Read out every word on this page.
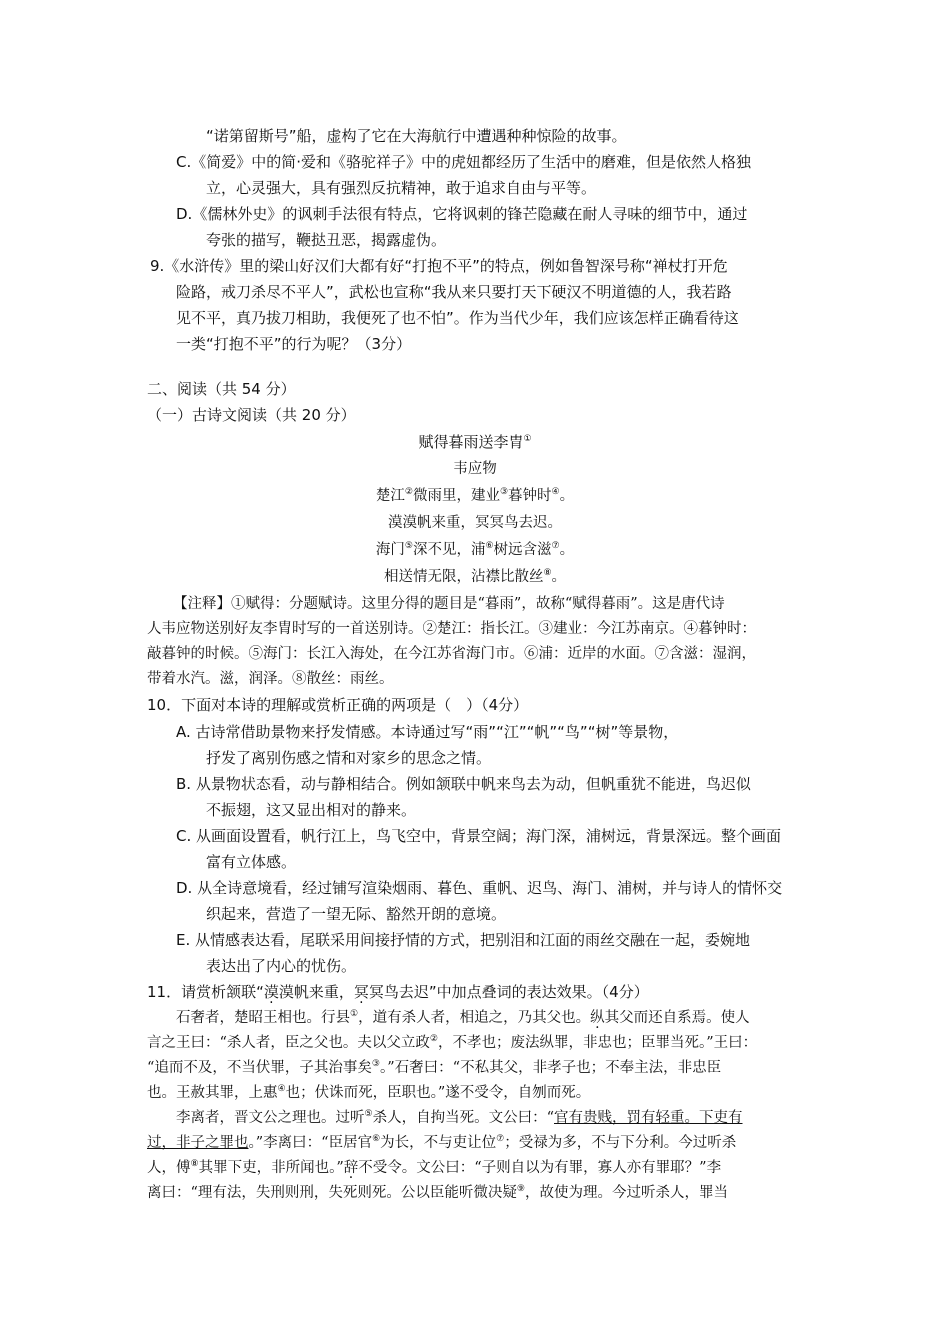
“诺第留斯号”船，虚构了它在大海航行中遭遇种种惊险的故事。
C.《简爱》中的简·爱和《骆驼祥子》中的虎妞都经历了生活中的磨难，但是依然人格独
立，心灵强大，具有强烈反抗精神，敢于追求自由与平等。
D.《儒林外史》的讽刺手法很有特点，它将讽刺的锋芒隐藏在耐人寻味的细节中，通过
夸张的描写，鞭挞丑恶，揭露虚伪。
9.《水浒传》里的梁山好汉们大都有好“打抱不平”的特点，例如鲁智深号称“禅杖打开危
险路，戒刀杀尽不平人”，武松也宣称“我从来只要打天下硬汉不明道德的人，我若路
见不平，真乃拔刀相助，我便死了也不怕”。作为当代少年，我们应该怎样正确看待这
一类“打抱不平”的行为呢？（3分）
二、阅读（共 54 分）
（一）古诗文阅读（共 20 分）
赋得暮雨送李胄①
韦应物
楚江②微雨里，建业③暮钟时④。
漠漠帆来重，冥冥鸟去迟。
海门⑤深不见，浦⑥树远含滋⑦。
相送情无限，沾襟比散丝⑧。
【注释】①赋得：分题赋诗。这里分得的题目是“暮雨”，故称“赋得暮雨”。这是唐代诗
人韦应物送别好友李胄时写的一首送别诗。②楚江：指长江。③建业：今江苏南京。④暮钟时：
敲暮钟的时候。⑤海门：长江入海处，在今江苏省海门市。⑥浦：近岸的水面。⑦含滋：湿润，
带着水汽。滋，润泽。⑧散丝：雨丝。
10．下面对本诗的理解或赏析正确的两项是（　）（4分）
A. 古诗常借助景物来抒发情感。本诗通过写“雨”“江”“帆”“鸟”“树”等景物，
抒发了离别伤感之情和对家乡的思念之情。
B. 从景物状态看，动与静相结合。例如颔联中帆来鸟去为动，但帆重犹不能进，鸟迟似
不振翅，这又显出相对的静来。
C. 从画面设置看，帆行江上，鸟飞空中，背景空阔；海门深，浦树远，背景深远。整个画面
富有立体感。
D. 从全诗意境看，经过铺写渲染烟雨、暮色、重帆、迟鸟、海门、浦树，并与诗人的情怀交
织起来，营造了一望无际、豁然开朗的意境。
E. 从情感表达看，尾联采用间接抒情的方式，把别泪和江面的雨丝交融在一起，委婉地
表达出了内心的忧伤。
11．请赏析颔联“漠漠帆来重，冥冥鸟去迟”中加点叠词的表达效果。（4分）
石奢者，楚昭王相也。行县①，道有杀人者，相追之，乃其父也。纵其父而还自系焉。使人
言之王曰：“杀人者，臣之父也。夫以父立政②，不孝也；废法纵罪，非忠也；臣罪当死。”王曰：
“追而不及，不当伏罪，子其治事矣③。”石奢曰：“不私其父，非孝子也；不奉主法，非忠臣
也。王赦其罪，上惠④也；伏诛而死，臣职也。”遂不受令，自刎而死。
李离者，晋文公之理也。过听⑤杀人，自拘当死。文公曰：“官有贵贱，罚有轻重。下吏有
过，非子之罪也。”李离曰：“臣居官⑥为长，不与吏让位⑦；受禄为多，不与下分利。今过听杀
人，傅⑧其罪下吏，非所闻也。”辞不受令。文公曰：“子则自以为有罪，寡人亦有罪耶？”李
离曰：“理有法，失刑则刑，失死则死。公以臣能听微决疑⑨，故使为理。今过听杀人，罪当
